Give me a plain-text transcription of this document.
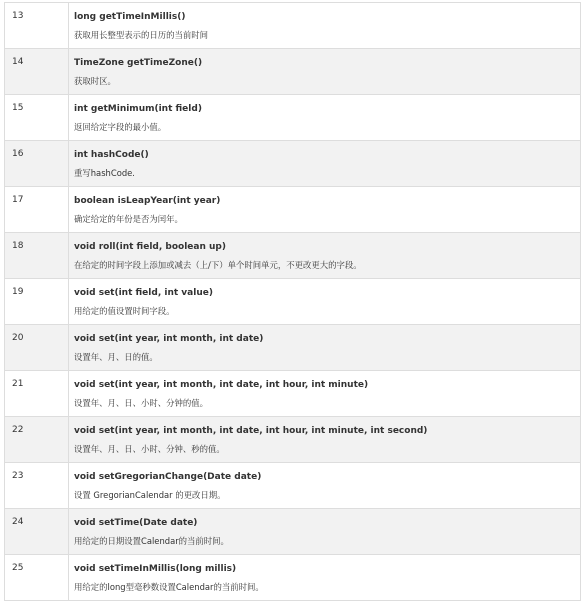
13	long getTimeInMillis()
获取用长整型表示的日历的当前时间

14	TimeZone getTimeZone()
获取时区。

15	int getMinimum(int field)
返回给定字段的最小值。

16	int hashCode()
重写hashCode.

17	boolean isLeapYear(int year)
确定给定的年份是否为闰年。

18	void roll(int field, boolean up)
在给定的时间字段上添加或减去（上/下）单个时间单元，不更改更大的字段。

19	void set(int field, int value)
用给定的值设置时间字段。

20	void set(int year, int month, int date)
设置年、月、日的值。

21	void set(int year, int month, int date, int hour, int minute)
设置年、月、日、小时、分钟的值。

22	void set(int year, int month, int date, int hour, int minute, int second)
设置年、月、日、小时、分钟、秒的值。

23	void setGregorianChange(Date date)
设置 GregorianCalendar 的更改日期。

24	void setTime(Date date)
用给定的日期设置Calendar的当前时间。

25	void setTimeInMillis(long millis)
用给定的long型毫秒数设置Calendar的当前时间。
